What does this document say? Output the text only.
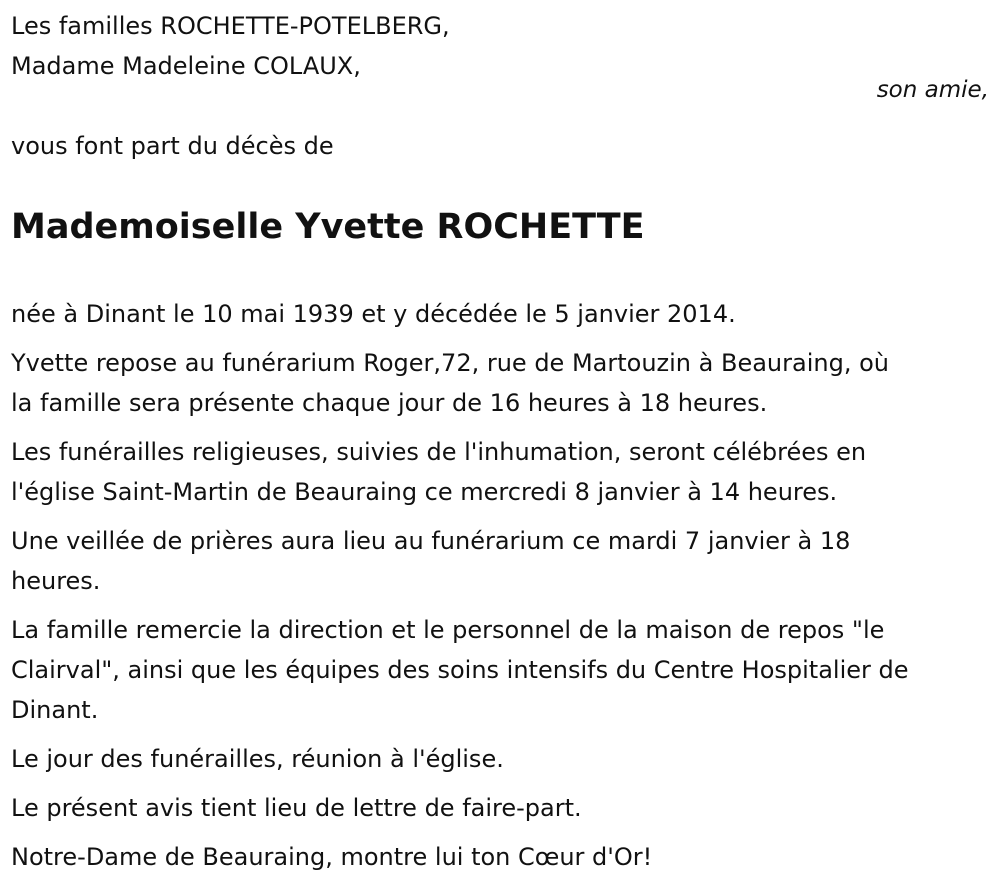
Les familles ROCHETTE-POTELBERG,

Madame Madeleine COLAUX,

son amie,

vous font part du décès de

Mademoiselle Yvette ROCHETTE

née à Dinant le 10 mai 1939 et y décédée le 5 janvier 2014.

Yvette repose au funérarium Roger,72, rue de Martouzin à Beauraing, où
la famille sera présente chaque jour de 16 heures à 18 heures.

Les funérailles religieuses, suivies de l'inhumation, seront célébrées en
l'église Saint-Martin de Beauraing ce mercredi 8 janvier à 14 heures.

Une veillée de prières aura lieu au funérarium ce mardi 7 janvier à 18
heures.

La famille remercie la direction et le personnel de la maison de repos "le
Clairval", ainsi que les équipes des soins intensifs du Centre Hospitalier de
Dinant.

Le jour des funérailles, réunion à l'église.

Le présent avis tient lieu de lettre de faire-part.

Notre-Dame de Beauraing, montre lui ton Cœur d'Or!
